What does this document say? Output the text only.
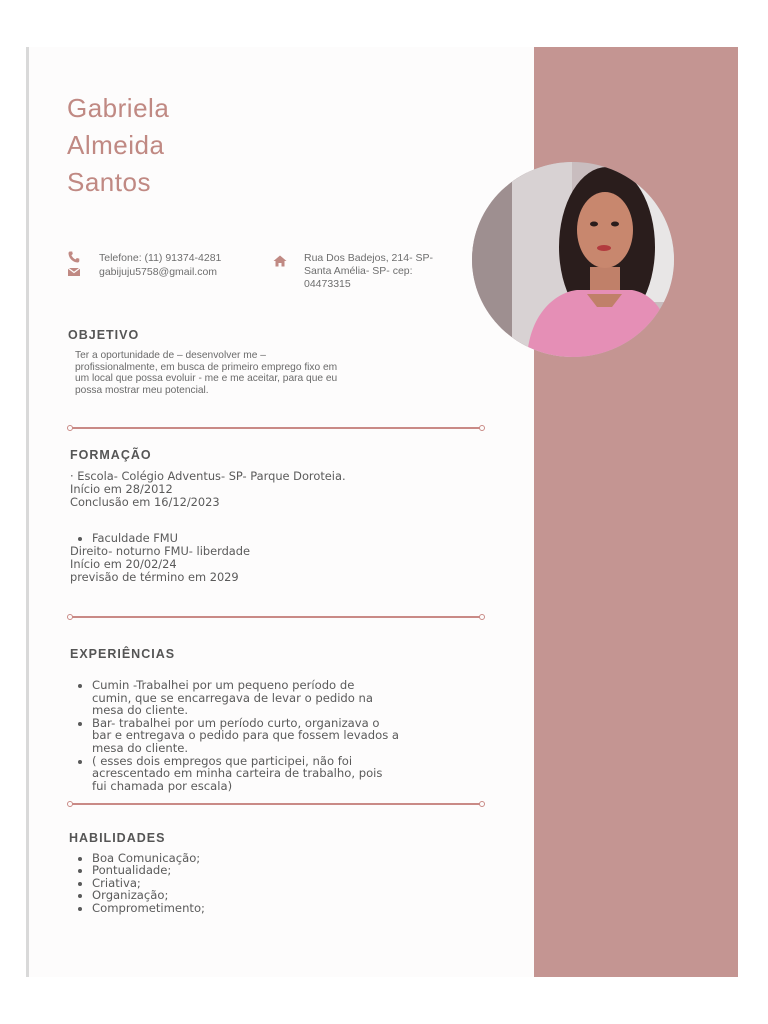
Gabriela
Almeida
Santos
Telefone: (11) 91374-4281
gabijuju5758@gmail.com
Rua Dos Badejos, 214- SP-
Santa Amélia- SP- cep:
04473315
OBJETIVO
Ter a oportunidade de – desenvolver me –
profissionalmente, em busca de primeiro emprego fixo em
um local que possa evoluir - me e me aceitar, para que eu
possa mostrar meu potencial.
FORMAÇÃO
· Escola- Colégio Adventus- SP- Parque Doroteia.
Início em 28/2012
Conclusão em 16/12/2023
• Faculdade FMU
Direito- noturno FMU- liberdade
Início em 20/02/24
previsão de término em 2029
EXPERIÊNCIAS
• Cumin -Trabalhei por um pequeno período de
cumin, que se encarregava de levar o pedido na
mesa do cliente.
• Bar- trabalhei por um período curto, organizava o
bar e entregava o pedido para que fossem levados a
mesa do cliente.
• ( esses dois empregos que participei, não foi
acrescentado em minha carteira de trabalho, pois
fui chamada por escala)
HABILIDADES
• Boa Comunicação;
• Pontualidade;
• Criativa;
• Organização;
• Comprometimento;
